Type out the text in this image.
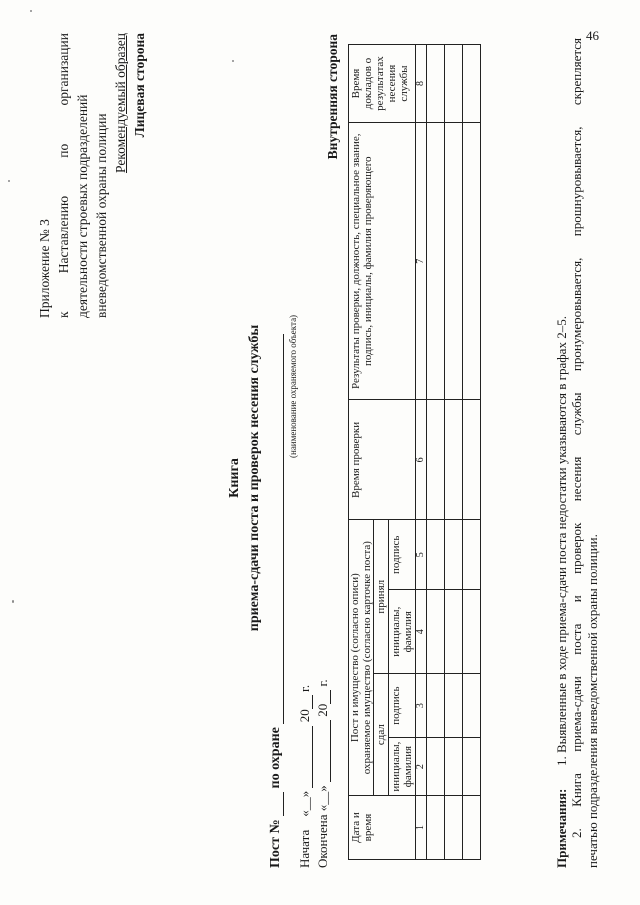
46
Приложение № 3 к
Наставлению
по
организации
деятельности строевых подразделений вневедомственной охраны полиции
Рекомендуемый образец Лицевая сторона
Книга приема-сдачи поста и проверок несения службы
Пост №   по охране
(наименование охраняемого объекта)
Начата    «__»   20  г.
Окончена «__»   20  г.
Внутренняя сторона
Дата и время	Пост и имущество (согласно описи) охраняемое имущество (согласно карточке поста)				Время проверки	Результаты проверки, должность, специальное звание, подпись, инициалы, фамилия проверяющего	Время докладов о результатах несения службы
	сдал		принял				
	инициалы, фамилия	подпись	инициалы, фамилия	подпись			
1	2	3	4	5	6	7	8

Примечания:
1. Выявленные в ходе приема-сдачи поста недостатки указываются в графах 2–5. 2. Книга приема-сдачи поста и проверок несения службы пронумеровывается, прошнуровывается, скрепляется печатью подразделения вневедомственной охраны полиции.
